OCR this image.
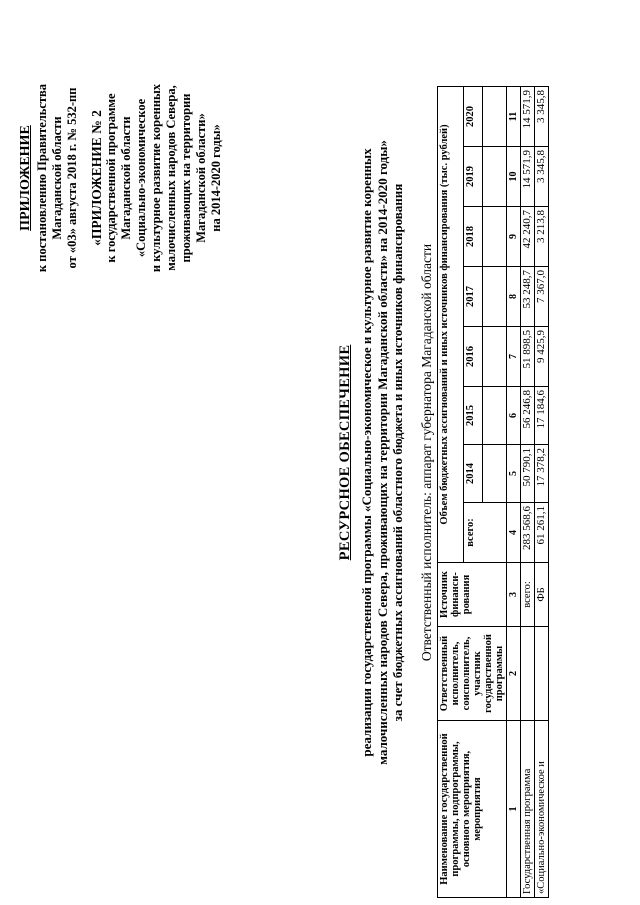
ПРИЛОЖЕНИЕ к постановлению Правительства Магаданской области от «03» августа 2018 г. № 532-пп «ПРИЛОЖЕНИЕ № 2 к государственной программе Магаданской области «Социально-экономическое и культурное развитие коренных малочисленных народов Севера, проживающих на территории Магаданской области» на 2014-2020 годы»
РЕСУРСНОЕ ОБЕСПЕЧЕНИЕ реализации государственной программы «Социально-экономическое и культурное развитие коренных малочисленных народов Севера, проживающих на территории Магаданской области» на 2014-2020 годы» за счет бюджетных ассигнований областного бюджета и иных источников финансирования Ответственный исполнитель: аппарат губернатора Магаданской области
Наименование государственной программы, подпрограммы, основного мероприятия, мероприятия	Ответственный исполнитель, соисполнитель, участник государственной программы	Источник финанси-рования	Объем бюджетных ассигнований и иных источников финансирования (тыс. рублей)							
			всего:	2014	2015	2016	2017	2018	2019	2020

1	2	3	4	5	6	7	8	9	10	11
Государственная программа		всего:	283 568,6	50 790,1	56 246,8	51 898,5	53 248,7	42 240,7	14 571,9	14 571,9
«Социально-экономическое и		ФБ	61 261,1	17 378,2	17 184,6	9 425,9	7 367,0	3 213,8	3 345,8	3 345,8
